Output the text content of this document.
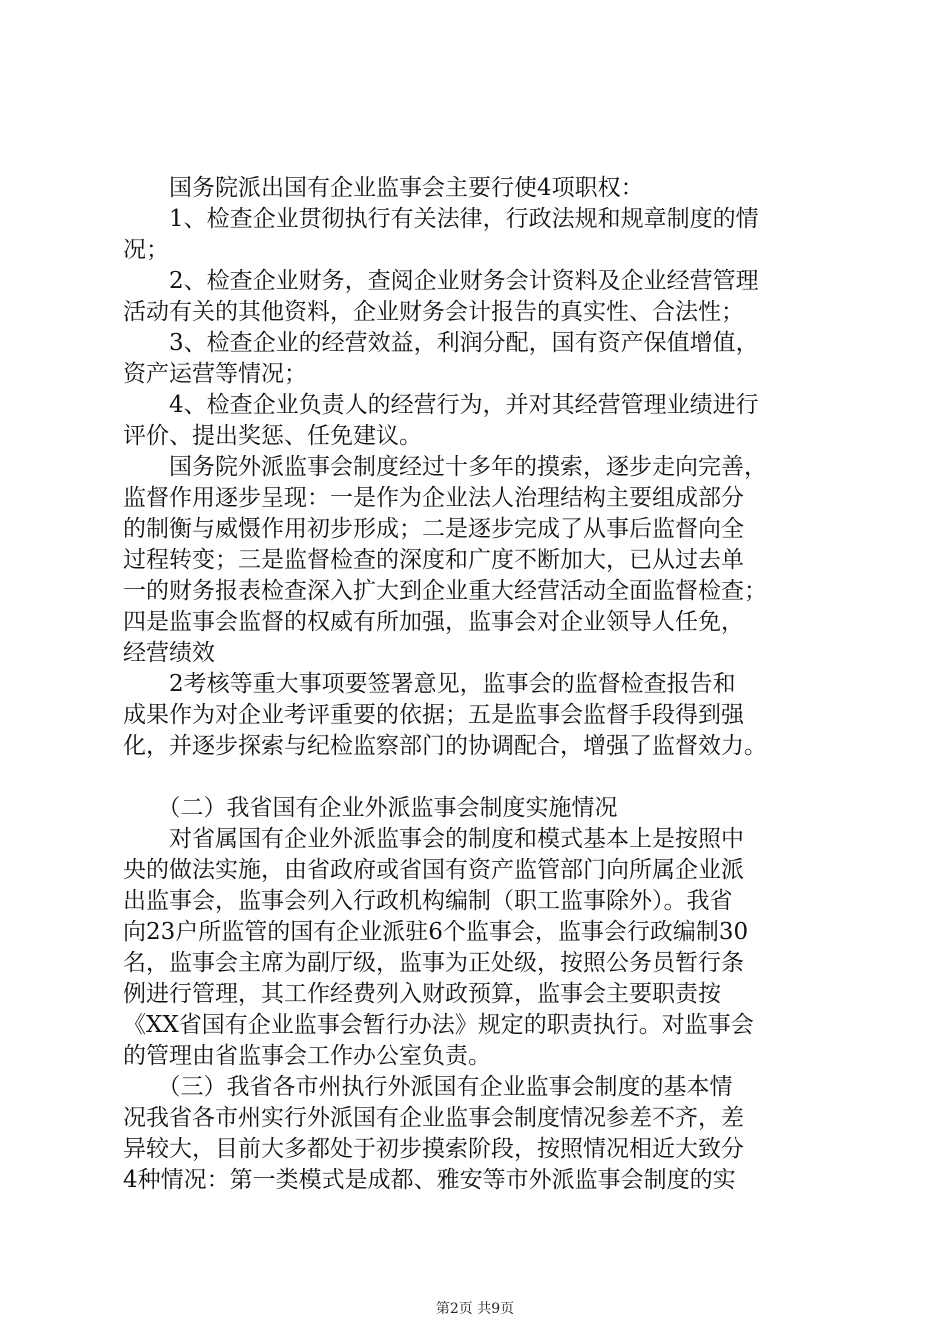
　　国务院派出国有企业监事会主要行使4项职权：
　　1、检查企业贯彻执行有关法律，行政法规和规章制度的情
况；
　　2、检查企业财务，查阅企业财务会计资料及企业经营管理
活动有关的其他资料，企业财务会计报告的真实性、合法性；
　　3、检查企业的经营效益，利润分配，国有资产保值增值，
资产运营等情况；
　　4、检查企业负责人的经营行为，并对其经营管理业绩进行
评价、提出奖惩、任免建议。
　　国务院外派监事会制度经过十多年的摸索，逐步走向完善，
监督作用逐步呈现：一是作为企业法人治理结构主要组成部分
的制衡与威慑作用初步形成；二是逐步完成了从事后监督向全
过程转变；三是监督检查的深度和广度不断加大，已从过去单
一的财务报表检查深入扩大到企业重大经营活动全面监督检查；
四是监事会监督的权威有所加强，监事会对企业领导人任免，
经营绩效
　　2考核等重大事项要签署意见，监事会的监督检查报告和
成果作为对企业考评重要的依据；五是监事会监督手段得到强
化，并逐步探索与纪检监察部门的协调配合，增强了监督效力。
　　（二）我省国有企业外派监事会制度实施情况
　　对省属国有企业外派监事会的制度和模式基本上是按照中
央的做法实施，由省政府或省国有资产监管部门向所属企业派
出监事会，监事会列入行政机构编制（职工监事除外）。我省
向23户所监管的国有企业派驻6个监事会，监事会行政编制30
名，监事会主席为副厅级，监事为正处级，按照公务员暂行条
例进行管理，其工作经费列入财政预算，监事会主要职责按
《XX省国有企业监事会暂行办法》规定的职责执行。对监事会
的管理由省监事会工作办公室负责。
　　（三）我省各市州执行外派国有企业监事会制度的基本情
况我省各市州实行外派国有企业监事会制度情况参差不齐，差
异较大，目前大多都处于初步摸索阶段，按照情况相近大致分
4种情况：第一类模式是成都、雅安等市外派监事会制度的实
第2页 共9页
